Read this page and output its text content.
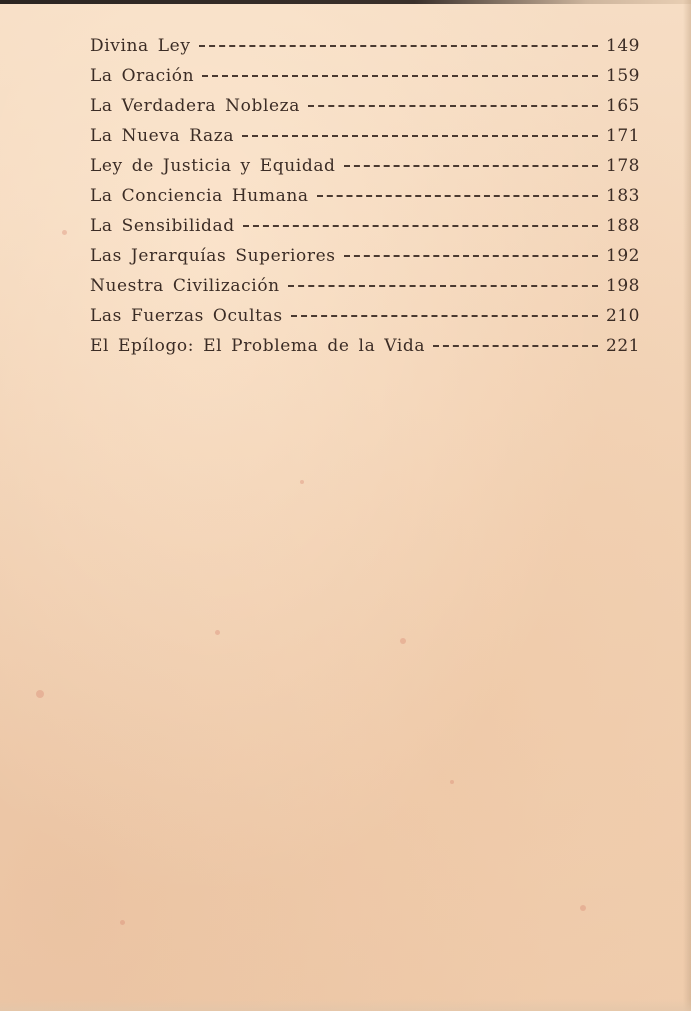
Divina Ley	149
La Oración	159
La Verdadera Nobleza	165
La Nueva Raza	171
Ley de Justicia y Equidad	178
La Conciencia Humana	183
La Sensibilidad	188
Las Jerarquías Superiores	192
Nuestra Civilización	198
Las Fuerzas Ocultas	210
El Epílogo: El Problema de la Vida	221
